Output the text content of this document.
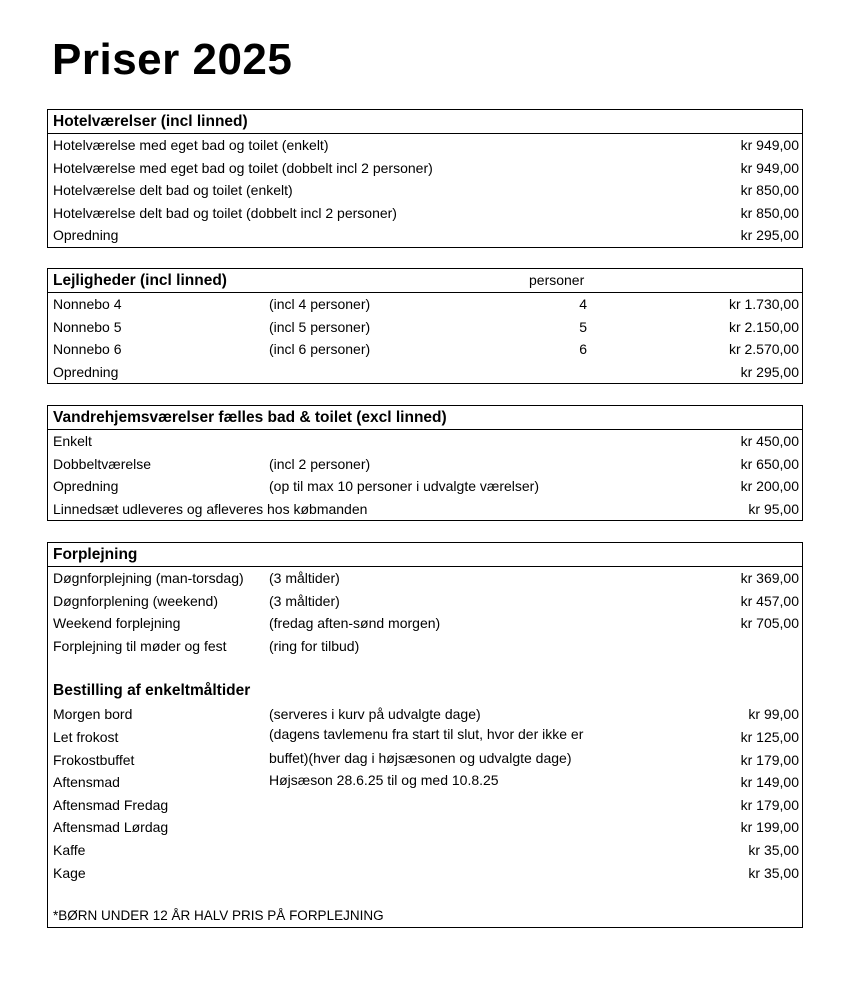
Priser 2025
Hotelværelser (incl linned)
Hotelværelse med eget bad og toilet (enkelt)	kr 949,00
Hotelværelse med eget bad og toilet (dobbelt incl 2 personer)	kr 949,00
Hotelværelse delt bad og toilet (enkelt)	kr 850,00
Hotelværelse delt bad og toilet (dobbelt incl 2 personer)	kr 850,00
Opredning	kr 295,00
Lejligheder (incl linned)	personer
Nonnebo 4	(incl 4 personer)	4	kr 1.730,00
Nonnebo 5	(incl 5 personer)	5	kr 2.150,00
Nonnebo 6	(incl 6 personer)	6	kr 2.570,00
Opredning	kr 295,00
Vandrehjemsværelser fælles bad & toilet (excl linned)
Enkelt	kr 450,00
Dobbeltværelse	(incl 2 personer)	kr 650,00
Opredning	(op til max 10 personer i udvalgte værelser)	kr 200,00
Linnedsæt udleveres og afleveres hos købmanden	kr 95,00
Forplejning
Døgnforplejning (man-torsdag) (3 måltider)	kr 369,00
Døgnforplening (weekend)	(3 måltider)	kr 457,00
Weekend forplejning	(fredag aften-sønd morgen)	kr 705,00
Forplejning til møder og fest	(ring for tilbud)
Bestilling af enkeltmåltider
Morgen bord	(serveres i kurv på udvalgte dage)	kr 99,00
Let frokost	(dagens tavlemenu fra start til slut, hvor der ikke er	kr 125,00
Frokostbuffet	buffet)(hver dag i højsæsonen og udvalgte dage)	kr 179,00
Aftensmad	Højsæson 28.6.25 til og med 10.8.25	kr 149,00
Aftensmad Fredag	kr 179,00
Aftensmad Lørdag	kr 199,00
Kaffe	kr 35,00
Kage	kr 35,00
*BØRN UNDER 12 ÅR HALV PRIS PÅ FORPLEJNING
